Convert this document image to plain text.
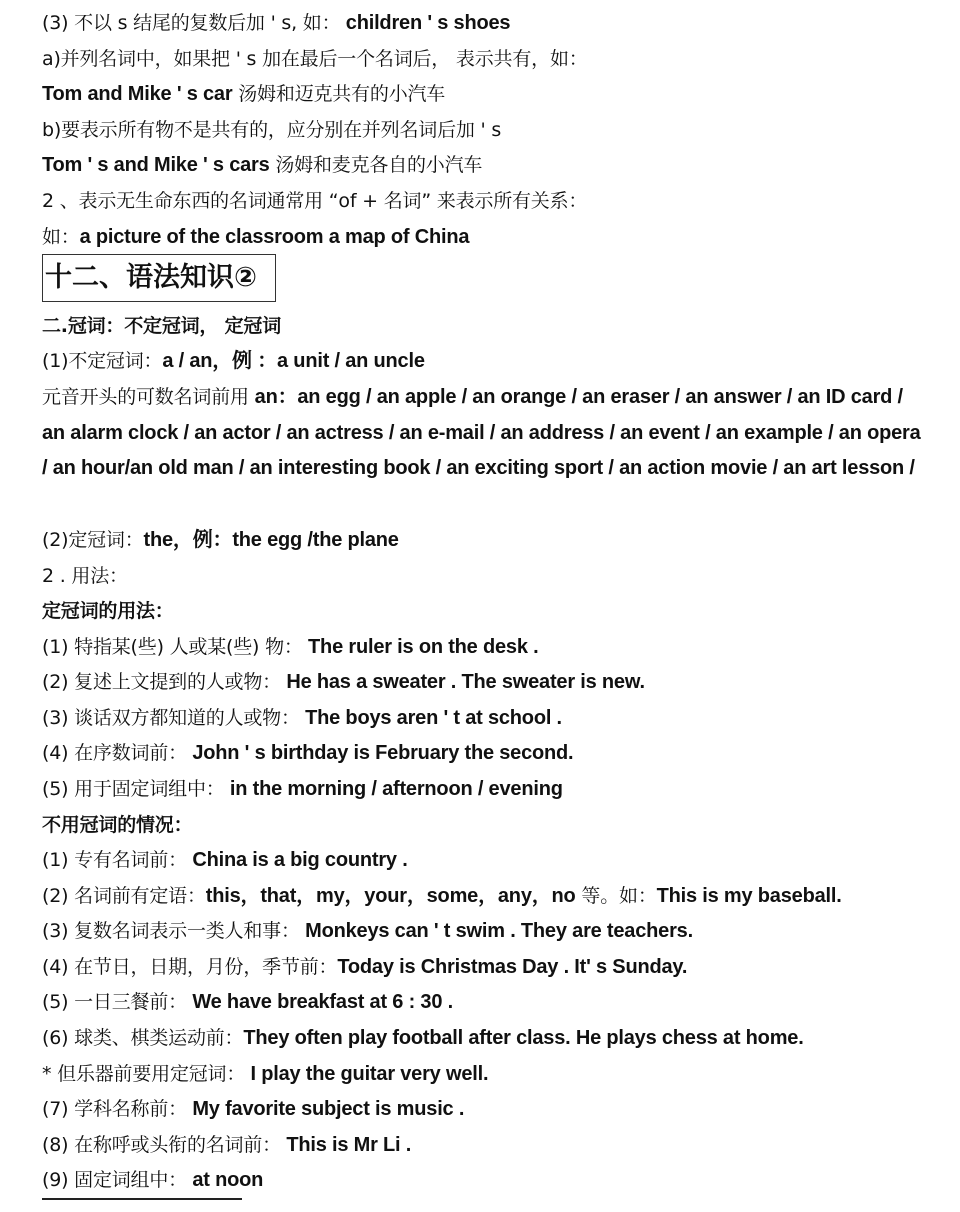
(3) 不以 s 结尾的复数后加 ' s, 如： children ' s shoes
a)并列名词中，如果把 ' s 加在最后一个名词后， 表示共有，如：
Tom and Mike ' s car 汤姆和迈克共有的小汽车
b)要表示所有物不是共有的，应分别在并列名词后加 ' s
Tom ' s and Mike ' s cars 汤姆和麦克各自的小汽车
2 、表示无生命东西的名词通常用 “of + 名词” 来表示所有关系：
如：a picture of the classroom a map of China
十二、语法知识②
二.冠词：不定冠词， 定冠词
(1)不定冠词：a / an，例 ：a unit / an uncle
元音开头的可数名词前用 an：an egg / an apple / an orange / an eraser / an answer / an ID card / an alarm clock / an actor / an actress / an e-mail / an address / an event / an example / an opera / an hour/an old man / an interesting book / an exciting sport / an action movie / an art lesson /
(2)定冠词：the，例：the egg /the plane
2 . 用法：
定冠词的用法：
(1) 特指某(些) 人或某(些) 物： The ruler is on the desk .
(2) 复述上文提到的人或物： He has a sweater . The sweater is new.
(3) 谈话双方都知道的人或物： The boys aren ' t at school .
(4) 在序数词前： John ' s birthday is February the second.
(5) 用于固定词组中： in the morning / afternoon / evening
不用冠词的情况：
(1) 专有名词前： China is a big country .
(2) 名词前有定语：this，that，my，your，some，any，no 等。如：This is my baseball.
(3) 复数名词表示一类人和事： Monkeys can ' t swim . They are teachers.
(4) 在节日，日期，月份，季节前：Today is Christmas Day . It' s Sunday.
(5) 一日三餐前： We have breakfast at 6 : 30 .
(6) 球类、棋类运动前：They often play football after class. He plays chess at home.
* 但乐器前要用定冠词： I play the guitar very well.
(7) 学科名称前： My favorite subject is music .
(8) 在称呼或头衔的名词前： This is Mr Li .
(9) 固定词组中： at noon
